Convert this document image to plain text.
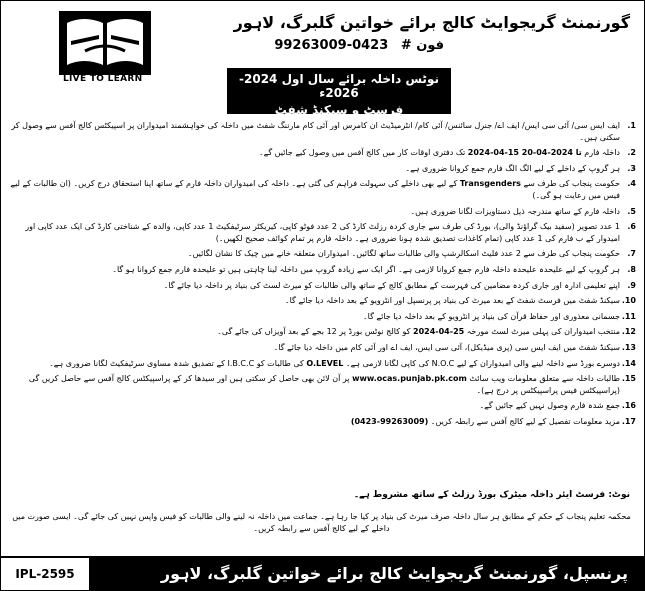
LIVE TO LEARN
گورنمنٹ گریجوایٹ کالج برائے خواتین گلبرگ، لاہور
فون # 0423-99263009
نوٹس داخلہ برائے سال اول 2024-2026ء
فرسٹ و سیکنڈ شفٹ
1.
ایف ایس سی/ آئی سی ایس/ ایف اے/ جنرل سائنس/ آئی کام/ انٹرمیڈیٹ ان کامرس اور آئی کام مارننگ شفٹ میں داخلہ کی خواہشمند امیدواران پر اسپیکٹس کالج آفس سے وصول کر سکتی ہیں۔
2.
داخلہ فارم 2024-04-15 تا 2024-04-20 تک دفتری اوقات کار میں کالج آفس میں وصول کیے جائیں گے۔
3.
ہر گروپ کے داخلے کے لیے الگ الگ فارم جمع کروانا ضروری ہے۔
4.
حکومت پنجاب کی طرف سے Transgenders کے لیے بھی داخلے کی سہولت فراہم کی گئی ہے۔ داخلہ کی امیدواران داخلہ فارم کے ساتھ اپنا استحقاق درج کریں۔ (ان طالبات کے لیے فیس میں رعایت ہو گی۔)
5.
داخلہ فارم کے ساتھ مندرجہ ذیل دستاویزات لگانا ضروری ہیں۔
6.
1 عدد تصویر (سفید بیک گراؤنڈ والی)، بورڈ کی طرف سے جاری کردہ رزلٹ کارڈ کی 2 عدد فوٹو کاپی، کیریکٹر سرٹیفکیٹ 1 عدد کاپی، والدہ کے شناختی کارڈ کی ایک عدد کاپی اور امیدوار کے ب فارم کی 1 عدد کاپی (تمام کاغذات تصدیق شدہ ہونا ضروری ہے۔ داخلہ فارم پر تمام کوائف صحیح لکھیں۔)
7.
حکومت پنجاب کی طرف سے 2 عدد فلیٹ اسکالرشپ والی طالبات ساتھ لگائیں۔ امیدواران متعلقہ خانے میں چیک کا نشان لگائیں۔
8.
ہر گروپ کے لیے علیحدہ علیحدہ داخلہ فارم جمع کروانا لازمی ہے۔ اگر ایک سے زیادہ گروپ میں داخلہ لینا چاہتی ہیں تو علیحدہ فارم جمع کروانا ہو گا۔
9.
اپنے تعلیمی ادارہ اور جاری کردہ مضامین کی فہرست کے مطابق کالج کے ساتھ والی طالبات کو میرٹ لسٹ کی بنیاد پر داخلہ دیا جائے گا۔
10.
سیکنڈ شفٹ میں فرسٹ شفٹ کے بعد میرٹ کی بنیاد پر پرنسپل اور انٹرویو کے بعد داخلہ دیا جائے گا۔
11.
جسمانی معذوری اور حفاظ قرآن کی بنیاد پر انٹرویو کے بعد داخلہ دیا جائے گا۔
12.
منتخب امیدواران کی پہلی میرٹ لسٹ مورخہ 2024-04-25 کو کالج نوٹس بورڈ پر 12 بجے کے بعد آویزاں کی جائے گی۔
13.
سیکنڈ شفٹ میں ایف ایس سی (پری میڈیکل)، آئی سی ایس، ایف اے اور آئی کام میں داخلہ دیا جائے گا۔
14.
دوسرے بورڈ سے داخلہ لینے والی امیدواران کے لیے N.O.C کی کاپی لگانا لازمی ہے۔ O.LEVEL کی طالبات کو I.B.C.C کے تصدیق شدہ مساوی سرٹیفکیٹ لگانا ضروری ہے۔
15.
طالبات داخلہ سے متعلق معلومات ویب سائٹ www.ocas.punjab.pk.com پر آن لائن بھی حاصل کر سکتی ہیں اور سیدھا کر کے پراسپیکٹس کالج آفس سے حاصل کریں گی (پراسپیکٹس فیس پراسپیکٹس پر درج ہے)۔
16.
جمع شدہ فارم وصول نہیں کیے جائیں گے۔
17.
مزید معلومات تفصیل کے لیے کالج آفس سے رابطہ کریں۔ (0423-99263009)
نوٹ: فرسٹ ایئر داخلہ میٹرک بورڈ رزلٹ کے ساتھ مشروط ہے۔
محکمہ تعلیم پنجاب کے حکم کے مطابق ہر سال داخلہ صرف میرٹ کی بنیاد پر کیا جا رہا ہے۔ جماعت میں داخلہ نہ لینے والی طالبات کو فیس واپس نہیں کی جائے گی۔ ایسی صورت میں داخلے کے لیے کالج آفس سے رابطہ کریں۔
پرنسپل، گورنمنٹ گریجوایٹ کالج برائے خواتین گلبرگ، لاہور
IPL-2595
